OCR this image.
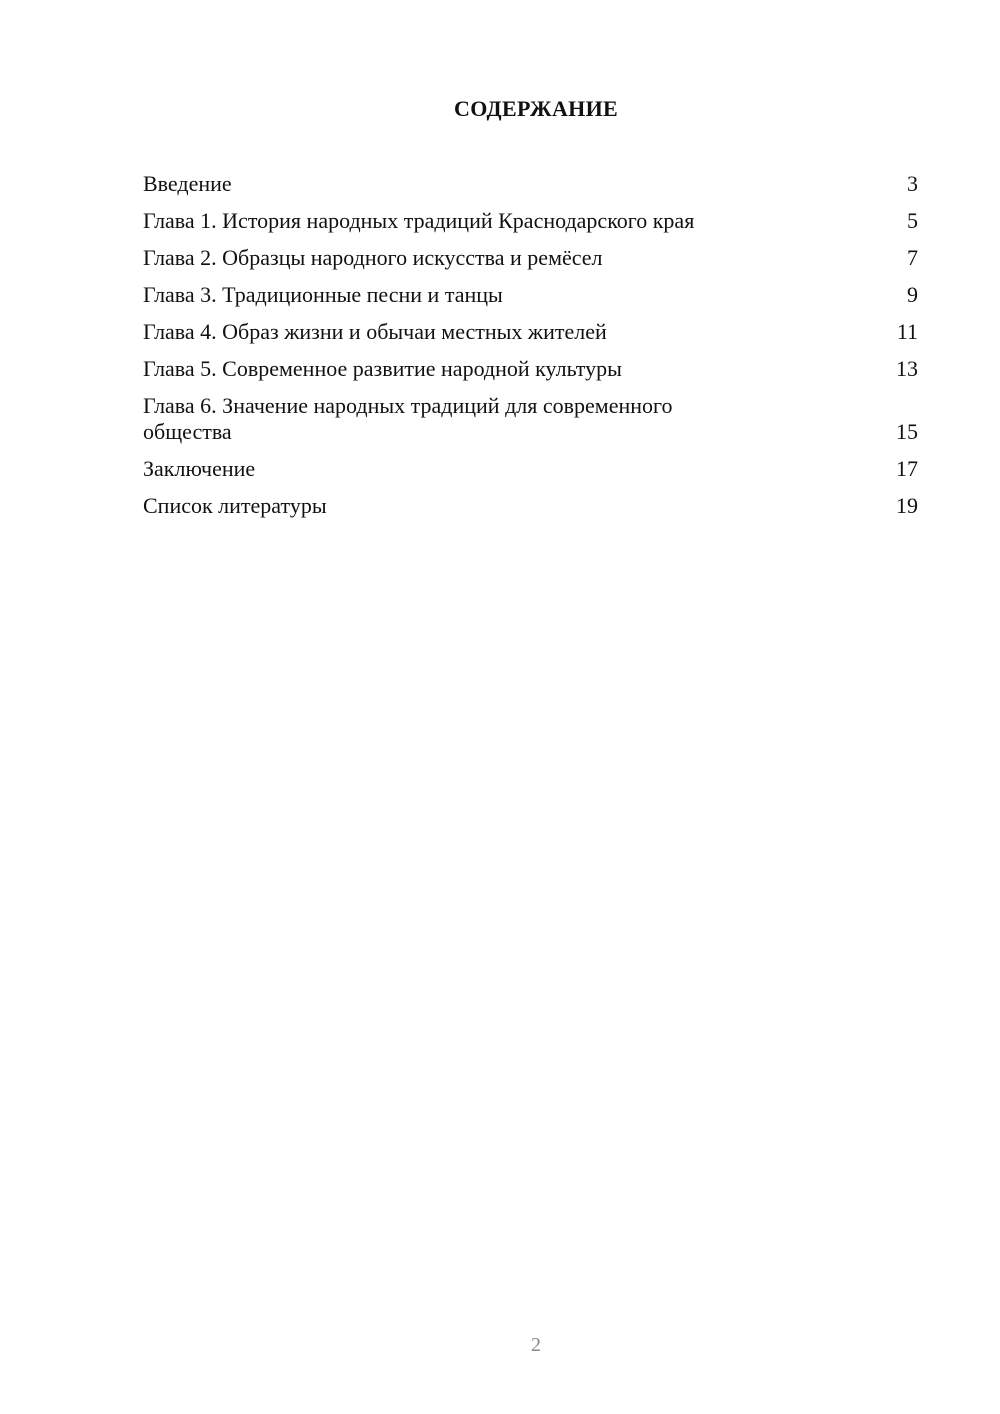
СОДЕРЖАНИЕ
Введение	3
Глава 1. История народных традиций Краснодарского края	5
Глава 2. Образцы народного искусства и ремёсел	7
Глава 3. Традиционные песни и танцы	9
Глава 4. Образ жизни и обычаи местных жителей	11
Глава 5. Современное развитие народной культуры	13
Глава 6. Значение народных традиций для современного общества	15
Заключение	17
Список литературы	19
2
